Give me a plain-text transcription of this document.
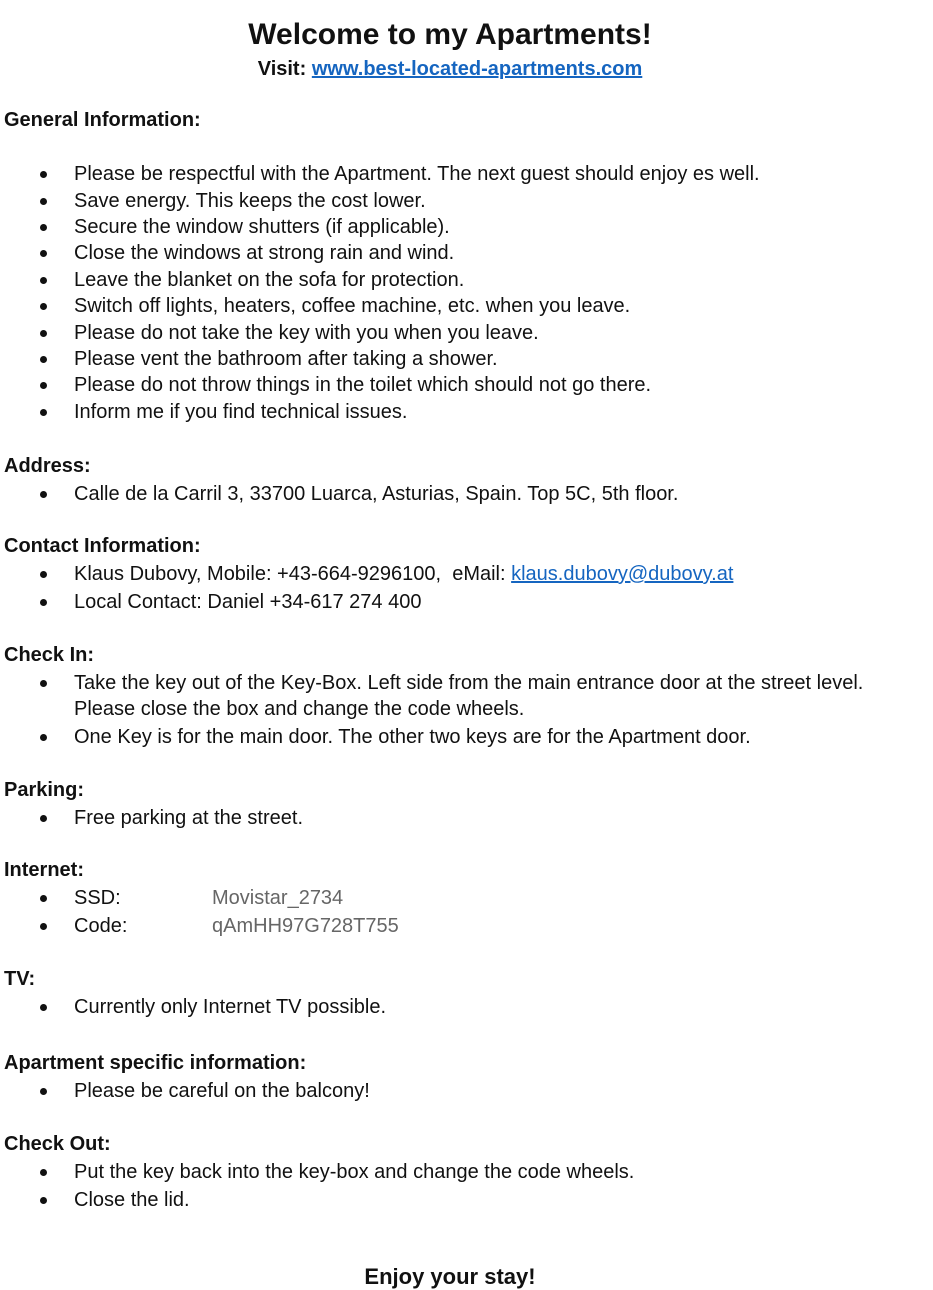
Welcome to my Apartments!
Visit: www.best-located-apartments.com
General Information:
Please be respectful with the Apartment. The next guest should enjoy es well.
Save energy. This keeps the cost lower.
Secure the window shutters (if applicable).
Close the windows at strong rain and wind.
Leave the blanket on the sofa for protection.
Switch off lights, heaters, coffee machine, etc. when you leave.
Please do not take the key with you when you leave.
Please vent the bathroom after taking a shower.
Please do not throw things in the toilet which should not go there.
Inform me if you find technical issues.
Address:
Calle de la Carril 3, 33700 Luarca, Asturias, Spain. Top 5C, 5th floor.
Contact Information:
Klaus Dubovy, Mobile: +43-664-9296100,  eMail: klaus.dubovy@dubovy.at
Local Contact: Daniel +34-617 274 400
Check In:
Take the key out of the Key-Box. Left side from the main entrance door at the street level. Please close the box and change the code wheels.
One Key is for the main door. The other two keys are for the Apartment door.
Parking:
Free parking at the street.
Internet:
SSD:	Movistar_2734
Code:	qAmHH97G728T755
TV:
Currently only Internet TV possible.
Apartment specific information:
Please be careful on the balcony!
Check Out:
Put the key back into the key-box and change the code wheels.
Close the lid.
Enjoy your stay!
